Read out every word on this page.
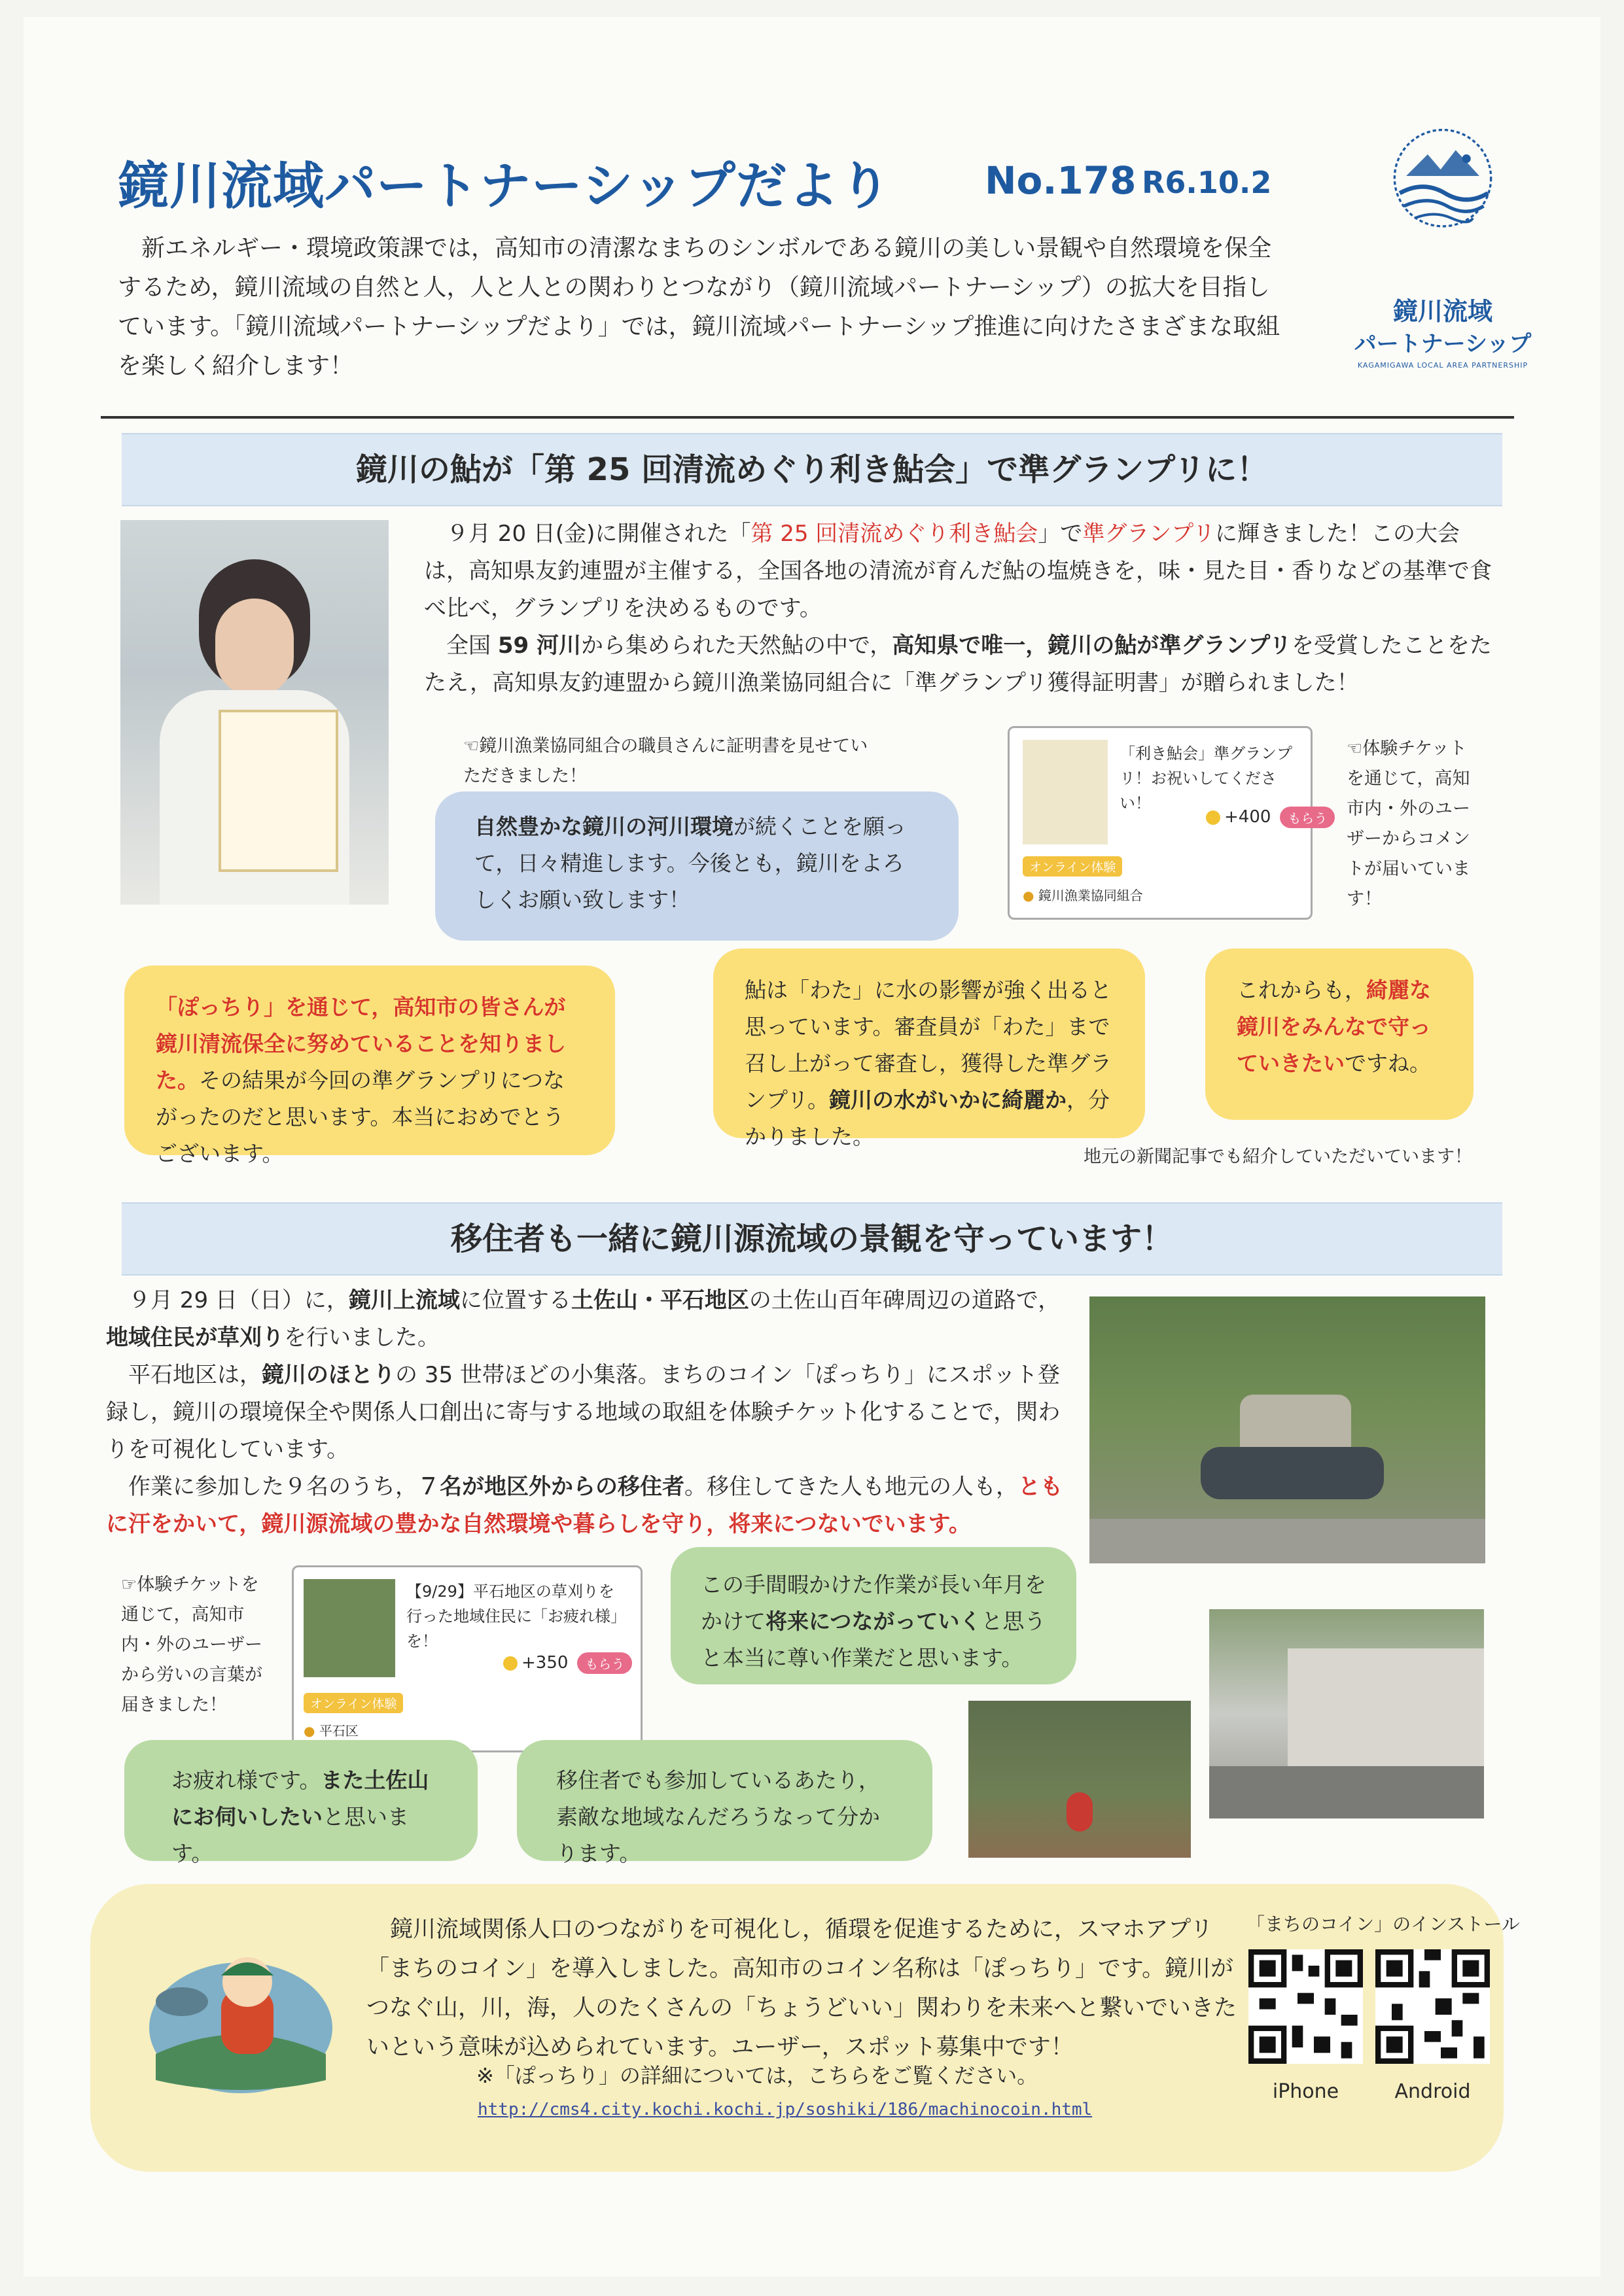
鏡川流域パートナーシップだより No.178 R6.10.2
新エネルギー・環境政策課では，高知市の清潔なまちのシンボルである鏡川の美しい景観や自然環境を保全するため，鏡川流域の自然と人，人と人との関わりとつながり（鏡川流域パートナーシップ）の拡大を目指しています。「鏡川流域パートナーシップだより」では，鏡川流域パートナーシップ推進に向けたさまざまな取組を楽しく紹介します！
鏡川流域
パートナーシップ
KAGAMIGAWA LOCAL AREA PARTNERSHIP
鏡川の鮎が「第 25 回清流めぐり利き鮎会」で準グランプリに！
９月 20 日(金)に開催された「第 25 回清流めぐり利き鮎会」で準グランプリに輝きました！この大会は，高知県友釣連盟が主催する，全国各地の清流が育んだ鮎の塩焼きを，味・見た目・香りなどの基準で食べ比べ，グランプリを決めるものです。
全国 59 河川から集められた天然鮎の中で，高知県で唯一，鏡川の鮎が準グランプリを受賞したことをたたえ，高知県友釣連盟から鏡川漁業協同組合に「準グランプリ獲得証明書」が贈られました！
☜鏡川漁業協同組合の職員さんに証明書を見せていただきました！
自然豊かな鏡川の河川環境が続くことを願って，日々精進します。今後とも，鏡川をよろしくお願い致します！
「利き鮎会」準グランプリ！お祝いしてください！
+400 もらう
オンライン体験
● 鏡川漁業協同組合
☜体験チケットを通じて，高知市内・外のユーザーからコメントが届いています！
「ぽっちり」を通じて，高知市の皆さんが鏡川清流保全に努めていることを知りました。その結果が今回の準グランプリにつながったのだと思います。本当におめでとうございます。
鮎は「わた」に水の影響が強く出ると思っています。審査員が「わた」まで召し上がって審査し，獲得した準グランプリ。鏡川の水がいかに綺麗か，分かりました。
これからも，綺麗な鏡川をみんなで守っていきたいですね。
地元の新聞記事でも紹介していただいています！
移住者も一緒に鏡川源流域の景観を守っています！
９月 29 日（日）に，鏡川上流域に位置する土佐山・平石地区の土佐山百年碑周辺の道路で，地域住民が草刈りを行いました。
平石地区は，鏡川のほとりの 35 世帯ほどの小集落。まちのコイン「ぽっちり」にスポット登録し，鏡川の環境保全や関係人口創出に寄与する地域の取組を体験チケット化することで，関わりを可視化しています。
作業に参加した９名のうち，７名が地区外からの移住者。移住してきた人も地元の人も，ともに汗をかいて，鏡川源流域の豊かな自然環境や暮らしを守り，将来につないでいます。
☞体験チケットを通じて，高知市内・外のユーザーから労いの言葉が届きました！
【9/29】平石地区の草刈りを行った地域住民に「お疲れ様」を！
+350 もらう
オンライン体験
● 平石区
この手間暇かけた作業が長い年月をかけて将来につながっていくと思うと本当に尊い作業だと思います。
お疲れ様です。また土佐山にお伺いしたいと思います。
移住者でも参加しているあたり，素敵な地域なんだろうなって分かります。
鏡川流域関係人口のつながりを可視化し，循環を促進するために，スマホアプリ「まちのコイン」を導入しました。高知市のコイン名称は「ぽっちり」です。鏡川がつなぐ山，川，海，人のたくさんの「ちょうどいい」関わりを未来へと繋いでいきたいという意味が込められています。ユーザー，スポット募集中です！
※「ぽっちり」の詳細については，こちらをご覧ください。
http://cms4.city.kochi.kochi.jp/soshiki/186/machinocoin.html
「まちのコイン」のインストール
iPhone	Android
